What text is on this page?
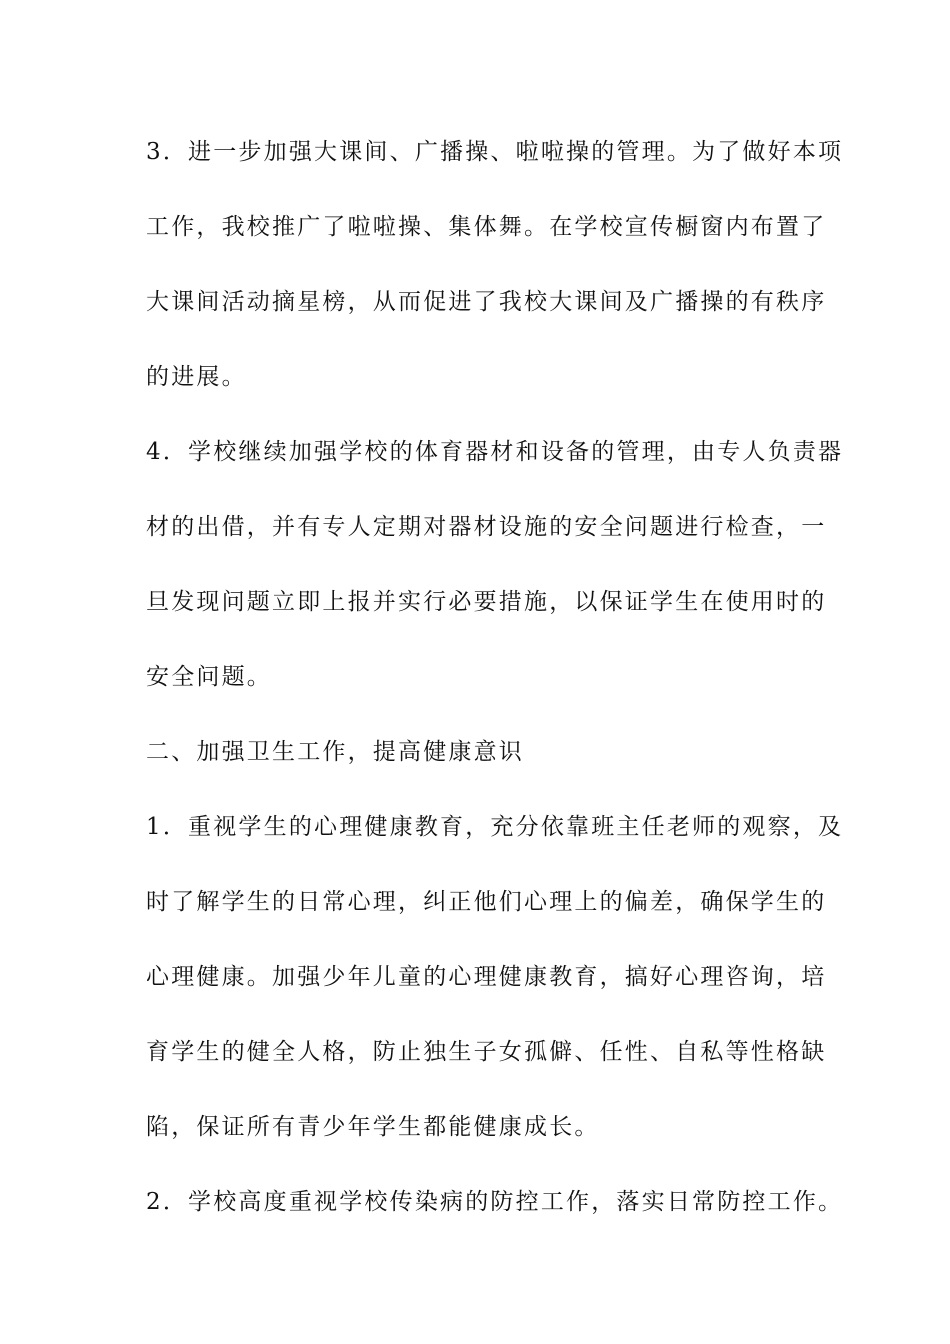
3．进一步加强大课间、广播操、啦啦操的管理。为了做好本项

工作，我校推广了啦啦操、集体舞。在学校宣传橱窗内布置了

大课间活动摘星榜，从而促进了我校大课间及广播操的有秩序

的进展。

4．学校继续加强学校的体育器材和设备的管理，由专人负责器

材的出借，并有专人定期对器材设施的安全问题进行检查，一

旦发现问题立即上报并实行必要措施，以保证学生在使用时的

安全问题。

二、加强卫生工作，提高健康意识

1．重视学生的心理健康教育，充分依靠班主任老师的观察，及

时了解学生的日常心理，纠正他们心理上的偏差，确保学生的

心理健康。加强少年儿童的心理健康教育，搞好心理咨询，培

育学生的健全人格，防止独生子女孤僻、任性、自私等性格缺

陷，保证所有青少年学生都能健康成长。

2．学校高度重视学校传染病的防控工作，落实日常防控工作。
